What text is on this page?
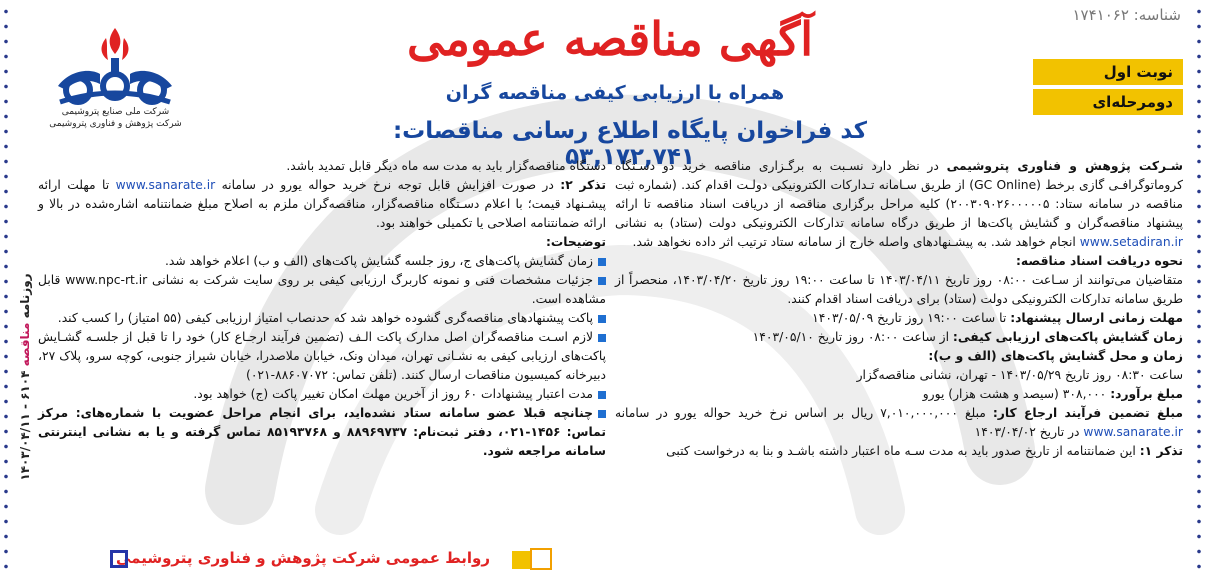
روزنامه مناقصه ۶۱۰۴ - ۱۴۰۳/۰۴/۱۱
شرکت ملی صنایع پتروشیمی
شرکت پژوهش و فناوری پتروشیمی
شناسه: ۱۷۴۱۰۶۲
آگهی مناقصه عمومی
همراه با ارزیابی کیفی مناقصه گران
کد فراخوان پایگاه اطلاع رسانی مناقصات: ۵۳,۱۷۲,۷۴۱
نوبت اول
دومرحله‌ای

شـرکت پژوهش و فناوری پتروشیمی در نظر دارد نسـبت به برگـزاری مناقصه خرید دو دسـتگاه کروماتوگرافـی گازی برخط (GC Online) از طریق سـامانه تـدارکات الکترونیکی دولـت اقدام کند. (شماره ثبت مناقصه در سامانه ستاد: ۲۰۰۳۰۹۰۲۶۰۰۰۰۰۵) کلیه مراحل برگزاری مناقصه از دریافت اسناد مناقصه تا ارائه پیشنهاد مناقصه‌گران و گشایش پاکت‌ها از طریق درگاه سامانه تدارکات الکترونیکی دولت (ستاد) به نشانی www.setadiran.ir انجام خواهد شد. به پیشـنهادهای واصله خارج از سامانه ستاد ترتیب اثر داده نخواهد شد.

نحوه دریافت اسناد مناقصه:

متقاضیان می‌توانند از سـاعت ۰۸:۰۰ روز تاریخ ۱۴۰۳/۰۴/۱۱ تا ساعت ۱۹:۰۰ روز تاریخ ۱۴۰۳/۰۴/۲۰، منحصراً از طریق سامانه تدارکات الکترونیکی دولت (ستاد) برای دریافت اسناد اقدام کنند.

مهلت زمانی ارسال پیشنهاد: تا ساعت ۱۹:۰۰ روز تاریخ ۱۴۰۳/۰۵/۰۹

زمان گشایش پاکت‌های ارزیابی کیفی: از ساعت ۰۸:۰۰ روز تاریخ ۱۴۰۳/۰۵/۱۰

زمان و محل گشایش پاکت‌های (الف و ب):

ساعت ۰۸:۳۰ روز تاریخ ۱۴۰۳/۰۵/۲۹ - تهران، نشانی مناقصه‌گزار

مبلغ برآورد: ۳۰۸,۰۰۰ (سیصد و هشت هزار) یورو

مبلغ تضمین فرآیند ارجاع کار: مبلغ ۷,۰۱۰,۰۰۰,۰۰۰ ریال بر اساس نرخ خرید حواله یورو در سامانه www.sanarate.ir در تاریخ ۱۴۰۳/۰۴/۰۲

تذکر ۱: این ضمانتنامه از تاریخ صدور باید به مدت سـه ماه اعتبار داشته باشـد و بنا به درخواست کتبی

دستگاه مناقصه‌گزار باید به مدت سه ماه دیگر قابل تمدید باشد.

تذکر ۲: در صورت افزایش قابل توجه نرخ خرید حواله یورو در سامانه www.sanarate.ir تا مهلت ارائه پیشـنهاد قیمت؛ با اعلام دسـتگاه مناقصه‌گزار، مناقصه‌گران ملزم به اصلاح مبلغ ضمانتنامه اشاره‌شده در بالا و ارائه ضمانتنامه اصلاحی یا تکمیلی خواهند بود.

توضیحات:

زمان گشایش پاکت‌های ج، روز جلسه گشایش پاکت‌های (الف و ب) اعلام خواهد شد.

جزئیات مشخصات فنی و نمونه کاربرگ ارزیابی کیفی بر روی سایت شرکت به نشانی www.npc-rt.ir قابل مشاهده است.

پاکت پیشنهادهای مناقصه‌گری گشوده خواهد شد که حدنصاب امتیاز ارزیابی کیفی (۵۵ امتیاز) را کسب کند.

لازم اسـت مناقصه‌گران اصل مدارک پاکت الـف (تضمین فرآیند ارجـاع کار) خود را تا قبل از جلسـه گشـایش پاکت‌های ارزیابی کیفی به نشـانی تهران، میدان ونک، خیابان ملاصدرا، خیابان شیراز جنوبی، کوچه سرو، پلاک ۲۷، دبیرخانه کمیسیون مناقصات ارسال کنند. (تلفن تماس: ۸۸۶۰۷۰۷۲-۰۲۱)

مدت اعتبار پیشنهادات ۶۰ روز از آخرین مهلت امکان تغییر پاکت (ج) خواهد بود.

چنانچه قبلا عضو سامانه ستاد نشده‌اید، برای انجام مراحل عضویت با شماره‌های: مرکز تماس: ۱۴۵۶-۰۲۱، دفتر ثبت‌نام: ۸۸۹۶۹۷۳۷ و ۸۵۱۹۳۷۶۸ تماس گرفته و یا به نشانی اینترنتی سامانه مراجعه شود.

روابط عمومی شرکت پژوهش و فناوری پتروشیمی
